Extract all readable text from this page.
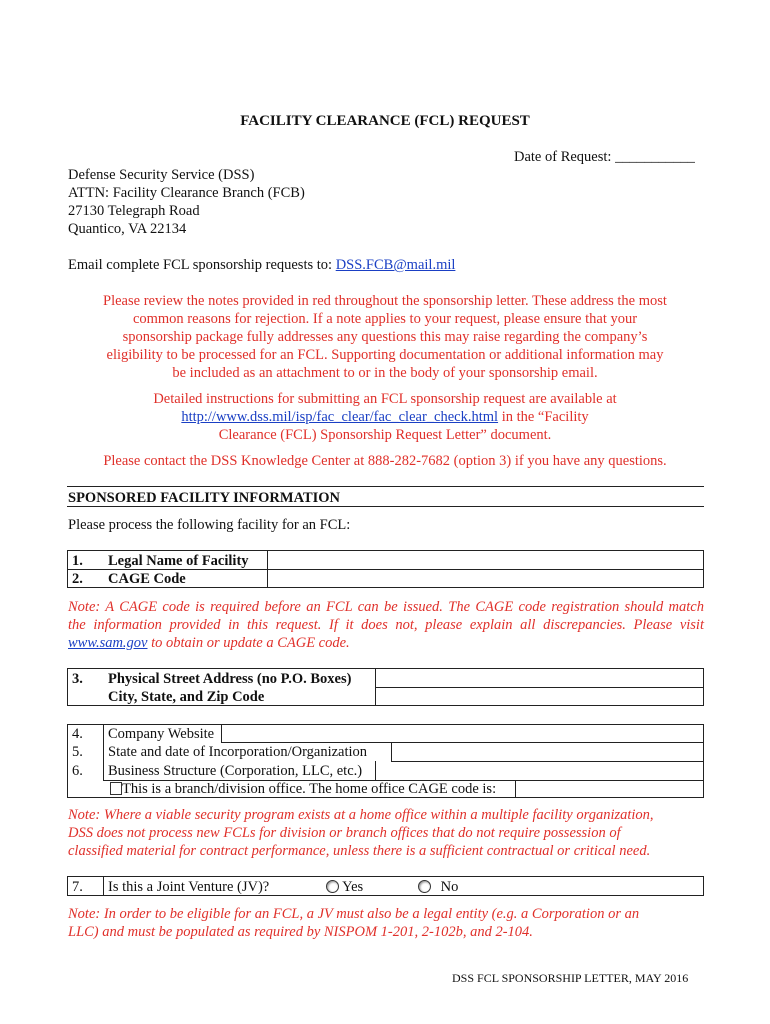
FACILITY CLEARANCE (FCL) REQUEST
Date of Request: ___________
Defense Security Service (DSS)
ATTN: Facility Clearance Branch (FCB)
27130 Telegraph Road
Quantico, VA 22134
Email complete FCL sponsorship requests to: DSS.FCB@mail.mil
Please review the notes provided in red throughout the sponsorship letter. These address the most
common reasons for rejection. If a note applies to your request, please ensure that your
sponsorship package fully addresses any questions this may raise regarding the company’s
eligibility to be processed for an FCL. Supporting documentation or additional information may
be included as an attachment to or in the body of your sponsorship email.
Detailed instructions for submitting an FCL sponsorship request are available at
http://www.dss.mil/isp/fac_clear/fac_clear_check.html in the “Facility
Clearance (FCL) Sponsorship Request Letter” document.
Please contact the DSS Knowledge Center at 888-282-7682 (option 3) if you have any questions.
SPONSORED FACILITY INFORMATION
Please process the following facility for an FCL:
1. Legal Name of Facility
2. CAGE Code
Note: A CAGE code is required before an FCL can be issued. The CAGE code registration should match
the information provided in this request. If it does not, please explain all discrepancies. Please visit
www.sam.gov to obtain or update a CAGE code.
3. Physical Street Address (no P.O. Boxes)
City, State, and Zip Code
4. Company Website
5. State and date of Incorporation/Organization
6. Business Structure (Corporation, LLC, etc.)
This is a branch/division office. The home office CAGE code is:
Note: Where a viable security program exists at a home office within a multiple facility organization,
DSS does not process new FCLs for division or branch offices that do not require possession of
classified material for contract performance, unless there is a sufficient contractual or critical need.
7. Is this a Joint Venture (JV)?	Yes	No
Note: In order to be eligible for an FCL, a JV must also be a legal entity (e.g. a Corporation or an
LLC) and must be populated as required by NISPOM 1-201, 2-102b, and 2-104.
DSS FCL SPONSORSHIP LETTER, MAY 2016
